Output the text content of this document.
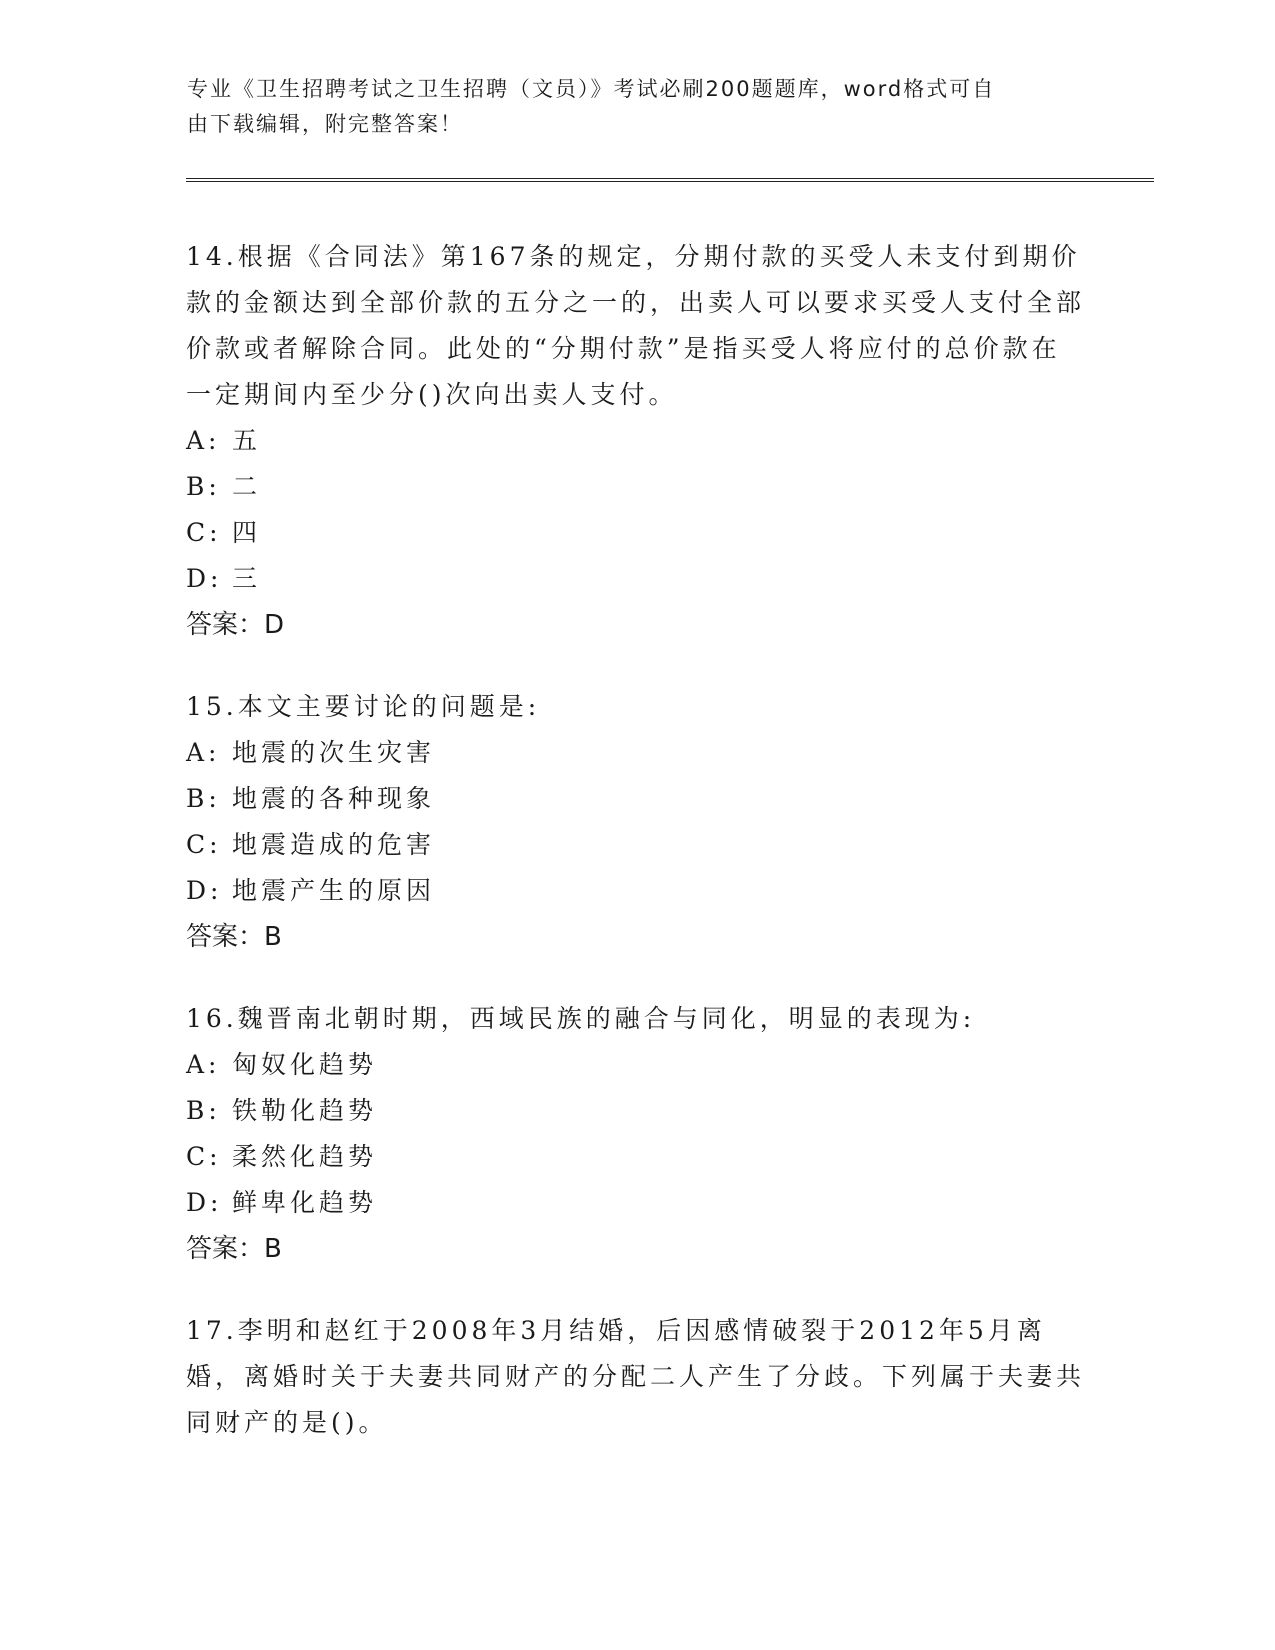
专业《卫生招聘考试之卫生招聘（文员）》考试必刷200题题库，word格式可自
由下载编辑，附完整答案！

14.根据《合同法》第167条的规定，分期付款的买受人未支付到期价款的金额达到全部价款的五分之一的，出卖人可以要求买受人支付全部价款或者解除合同。此处的“分期付款”是指买受人将应付的总价款在一定期间内至少分()次向出卖人支付。

A: 五
B: 二
C: 四
D: 三

答案：D

15.本文主要讨论的问题是:

A: 地震的次生灾害
B: 地震的各种现象
C: 地震造成的危害
D: 地震产生的原因

答案：B

16.魏晋南北朝时期，西域民族的融合与同化，明显的表现为:

A: 匈奴化趋势
B: 铁勒化趋势
C: 柔然化趋势
D: 鲜卑化趋势

答案：B

17.李明和赵红于2008年3月结婚，后因感情破裂于2012年5月离婚，离婚时关于夫妻共同财产的分配二人产生了分歧。下列属于夫妻共同财产的是()。
